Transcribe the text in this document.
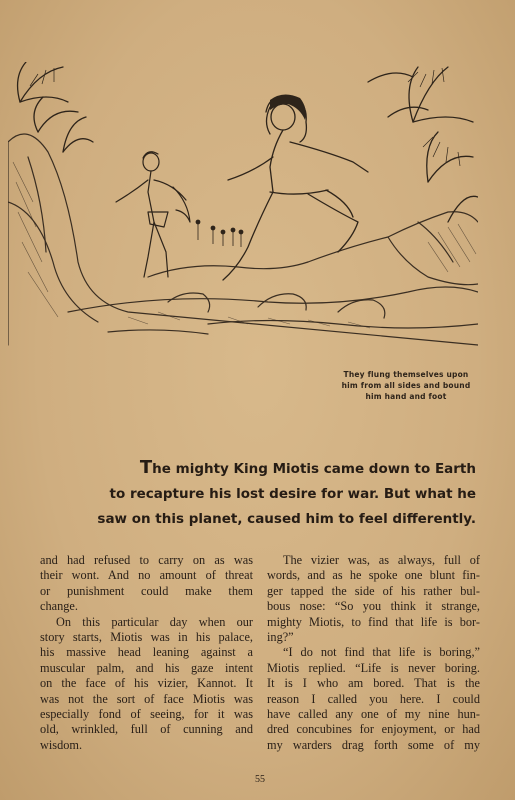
They flung themselves upon
him from all sides and bound
him hand and foot
The mighty King Miotis came down to Earth
to recapture his lost desire for war. But what he
saw on this planet, caused him to feel differently.
and had refused to carry on as was
their wont. And no amount of threat
or punishment could make them
change.
On this particular day when our
story starts, Miotis was in his palace,
his massive head leaning against a
muscular palm, and his gaze intent
on the face of his vizier, Kannot. It
was not the sort of face Miotis was
especially fond of seeing, for it was
old, wrinkled, full of cunning and
wisdom.
The vizier was, as always, full of
words, and as he spoke one blunt fin-
ger tapped the side of his rather bul-
bous nose: “So you think it strange,
mighty Miotis, to find that life is bor-
ing?”
“I do not find that life is boring,”
Miotis replied. “Life is never boring.
It is I who am bored. That is the
reason I called you here. I could
have called any one of my nine hun-
dred concubines for enjoyment, or had
my warders drag forth some of my
55
